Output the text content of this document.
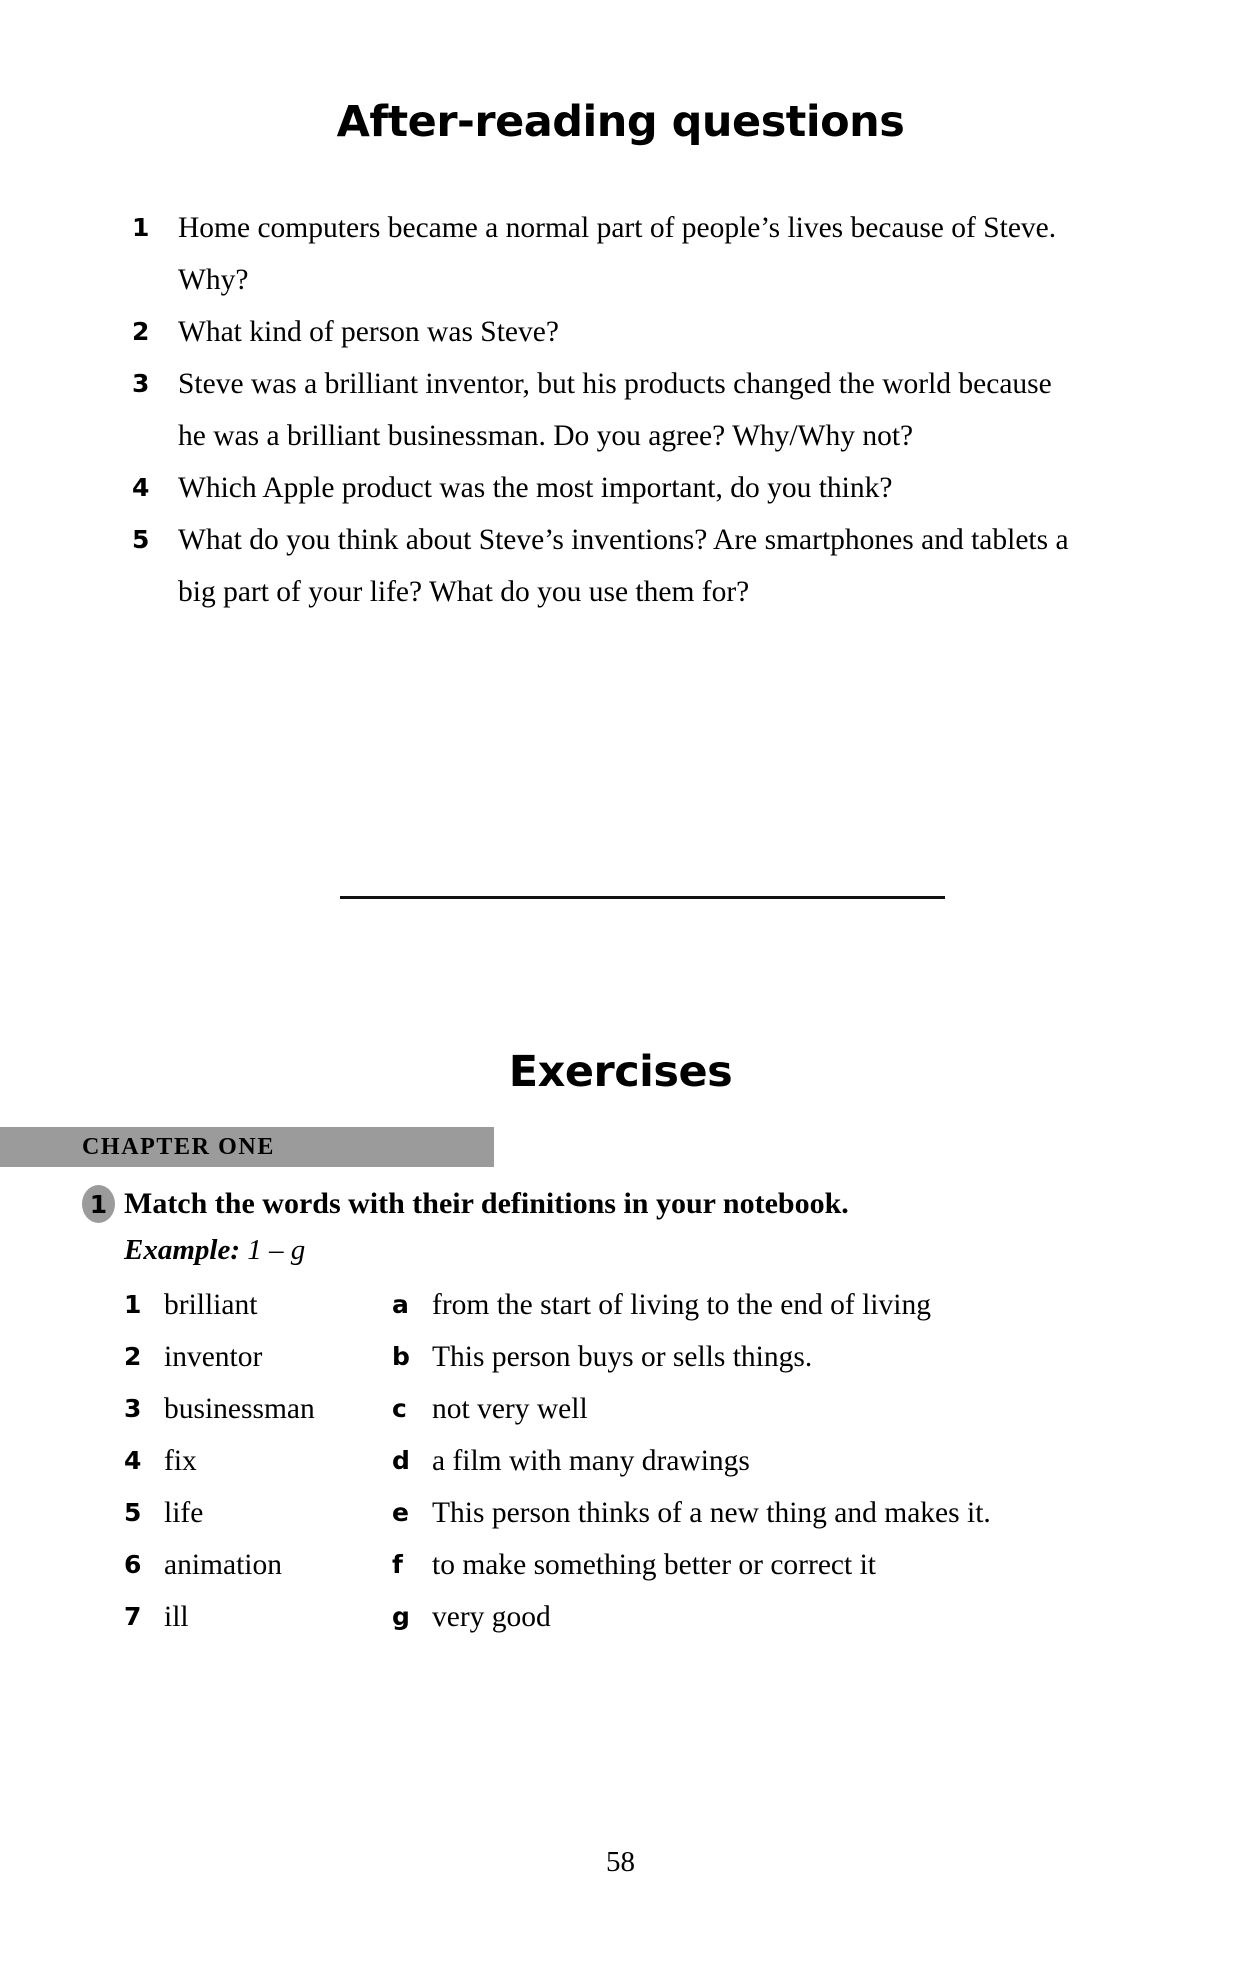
After-reading questions
1 Home computers became a normal part of people’s lives because of Steve. Why?
2 What kind of person was Steve?
3 Steve was a brilliant inventor, but his products changed the world because he was a brilliant businessman. Do you agree? Why/Why not?
4 Which Apple product was the most important, do you think?
5 What do you think about Steve’s inventions? Are smartphones and tablets a big part of your life? What do you use them for?
Exercises
CHAPTER ONE
1 Match the words with their definitions in your notebook.
Example: 1 – g
1	brilliant	a	from the start of living to the end of living
2	inventor	b	This person buys or sells things.
3	businessman	c	not very well
4	fix	d	a film with many drawings
5	life	e	This person thinks of a new thing and makes it.
6	animation	f	to make something better or correct it
7	ill	g	very good
58
